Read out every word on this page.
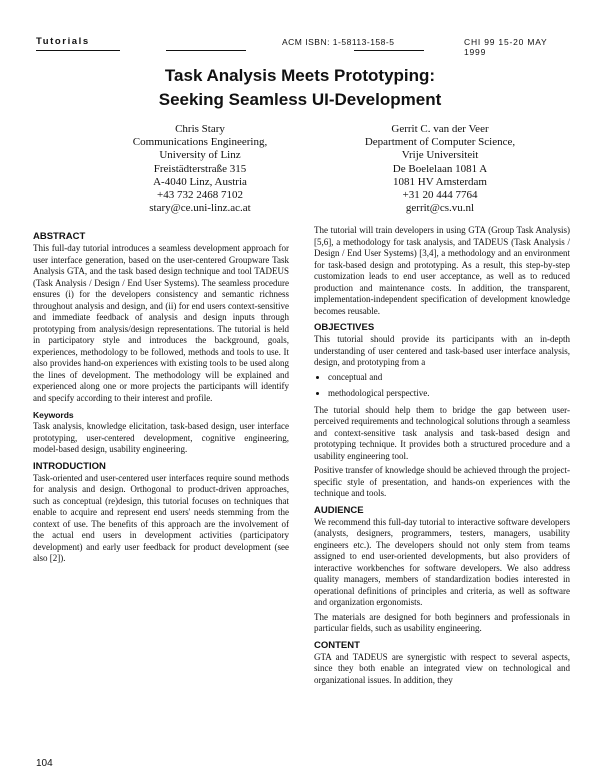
Tutorials	ACM ISBN: 1-58113-158-5	CHI 99 15-20 MAY 1999
Task Analysis Meets Prototyping:
Seeking Seamless UI-Development
Chris Stary
Communications Engineering,
University of Linz
Freistädterstraße 315
A-4040 Linz, Austria
+43 732 2468 7102
stary@ce.uni-linz.ac.at
Gerrit C. van der Veer
Department of Computer Science,
Vrije Universiteit
De Boelelaan 1081 A
1081 HV Amsterdam
+31 20 444 7764
gerrit@cs.vu.nl
ABSTRACT

This full-day tutorial introduces a seamless development approach for user interface generation, based on the user-centered Groupware Task Analysis GTA, and the task based design technique and tool TADEUS (Task Analysis / Design / End User Systems). The seamless procedure ensures (i) for the developers consistency and semantic richness throughout analysis and design, and (ii) for end users context-sensitive and immediate feedback of analysis and design inputs through prototyping from analysis/design representations. The tutorial is held in participatory style and introduces the background, goals, experiences, methodology to be followed, methods and tools to use. It also provides hand-on experiences with existing tools to be used along the lines of development. The methodology will be explained and experienced along one or more projects the participants will identify and specify according to their interest and profile.

Keywords

Task analysis, knowledge elicitation, task-based design, user interface prototyping, user-centered development, cognitive engineering, model-based design, usability engineering.

INTRODUCTION

Task-oriented and user-centered user interfaces require sound methods for analysis and design. Orthogonal to product-driven approaches, such as conceptual (re)design, this tutorial focuses on techniques that enable to acquire and represent end users' needs stemming from the context of use. The benefits of this approach are the involvement of the actual end users in development activities (participatory development) and early user feedback for product development (see also [2]).

The tutorial will train developers in using GTA (Group Task Analysis) [5,6], a methodology for task analysis, and TADEUS (Task Analysis / Design / End User Systems) [3,4], a methodology and an environment for task-based design and prototyping. As a result, this step-by-step customization leads to end user acceptance, as well as to reduced production and maintenance costs. In addition, the transparent, implementation-independent specification of development knowledge becomes reusable.

OBJECTIVES

This tutorial should provide its participants with an in-depth understanding of user centered and task-based user interface analysis, design, and prototyping from a

• conceptual and
• methodological perspective.

The tutorial should help them to bridge the gap between user-perceived requirements and technological solutions through a seamless and context-sensitive task analysis and task-based design and prototyping technique. It provides both a structured procedure and a usability engineering tool.

Positive transfer of knowledge should be achieved through the project-specific style of presentation, and hands-on experiences with the technique and tools.

AUDIENCE

We recommend this full-day tutorial to interactive software developers (analysts, designers, programmers, testers, managers, usability engineers etc.). The developers should not only stem from teams assigned to end user-oriented developments, but also providers of interactive workbenches for software developers. We also address quality managers, members of standardization bodies interested in operational definitions of principles and criteria, as well as software and organization ergonomists.

The materials are designed for both beginners and professionals in particular fields, such as usability engineering.

CONTENT

GTA and TADEUS are synergistic with respect to several aspects, since they both enable an integrated view on technological and organizational issues. In addition, they

104
